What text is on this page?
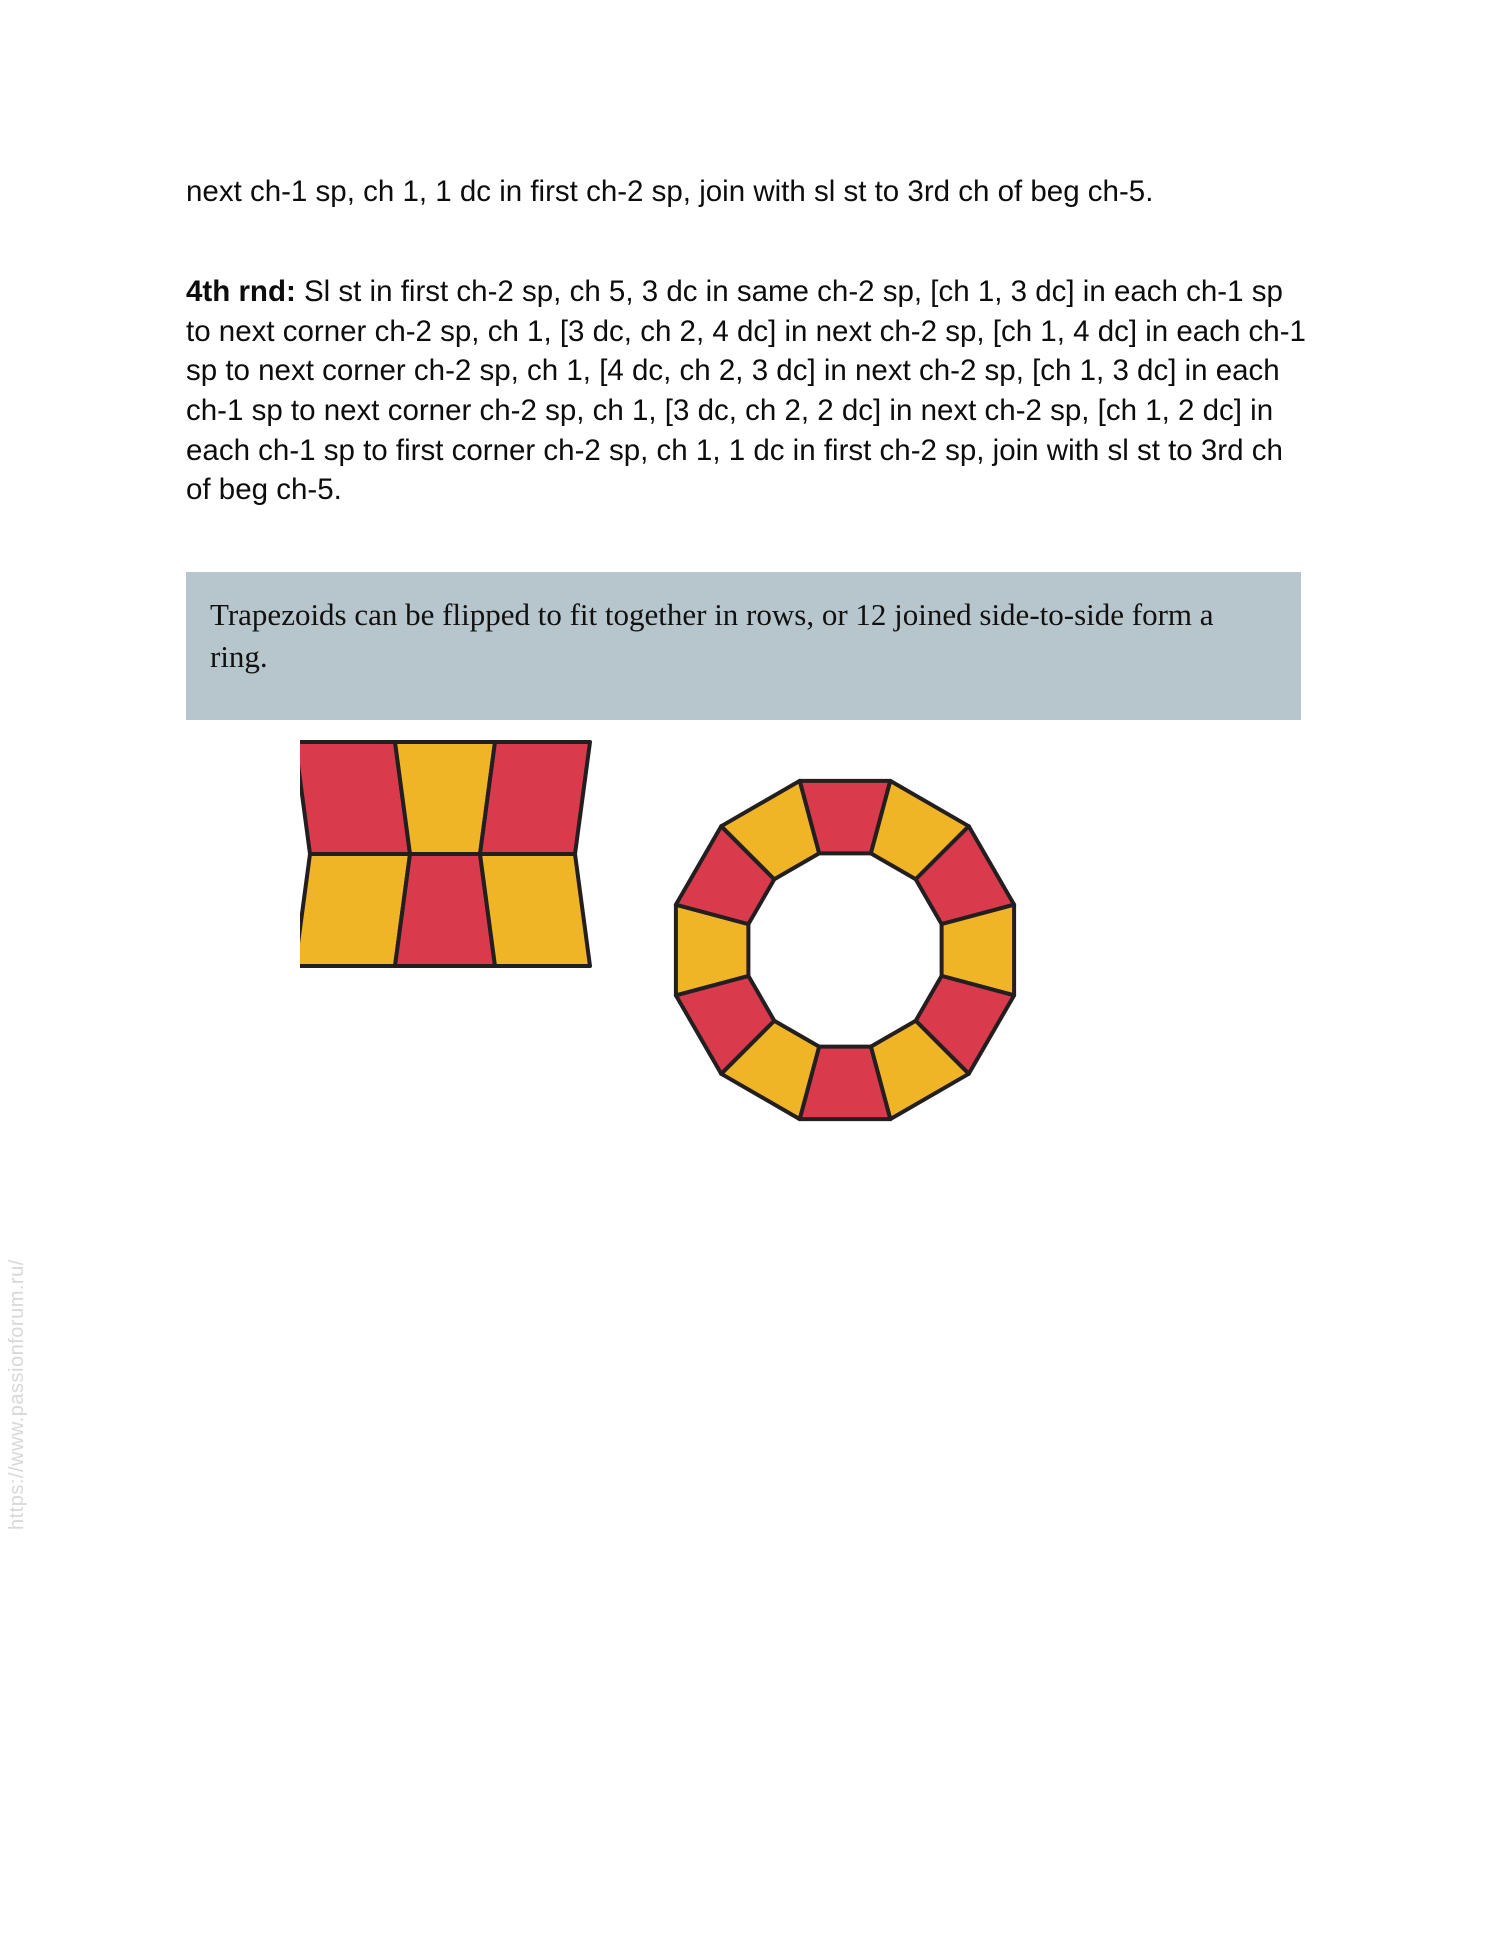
https://www.passionforum.ru/
next ch-1 sp, ch 1, 1 dc in first ch-2 sp, join with sl st to 3rd ch of beg ch-5.
4th rnd: Sl st in first ch-2 sp, ch 5, 3 dc in same ch-2 sp, [ch 1, 3 dc] in each ch-1 sp to next corner ch-2 sp, ch 1, [3 dc, ch 2, 4 dc] in next ch-2 sp, [ch 1, 4 dc] in each ch-1 sp to next corner ch-2 sp, ch 1, [4 dc, ch 2, 3 dc] in next ch-2 sp, [ch 1, 3 dc] in each ch-1 sp to next corner ch-2 sp, ch 1, [3 dc, ch 2, 2 dc] in next ch-2 sp, [ch 1, 2 dc] in each ch-1 sp to first corner ch-2 sp, ch 1, 1 dc in first ch-2 sp, join with sl st to 3rd ch of beg ch-5.
Trapezoids can be flipped to fit together in rows, or 12 joined side-to-side form a ring.
